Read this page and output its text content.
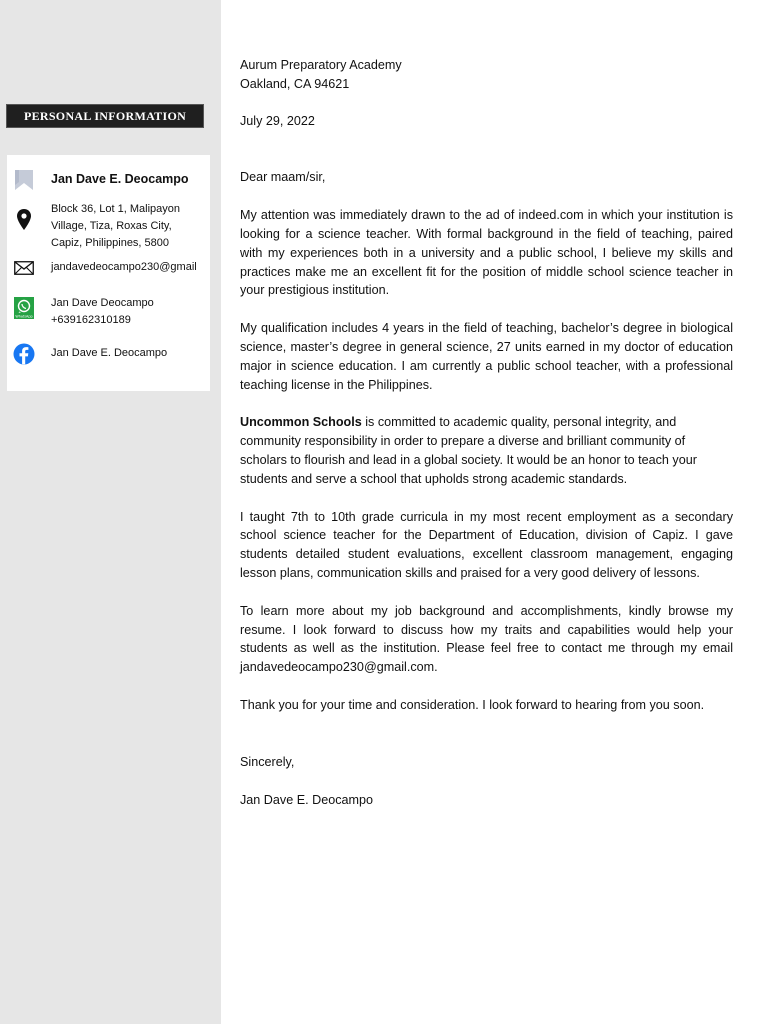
PERSONAL INFORMATION
Jan Dave E. Deocampo
Block 36, Lot 1, Malipayon
Village, Tiza, Roxas City,
Capiz, Philippines, 5800
jandavedeocampo230@gmail
WhatsApp
Jan Dave Deocampo
+639162310189
Jan Dave E. Deocampo

Aurum Preparatory Academy

Oakland, CA 94621

July 29, 2022

Dear maam/sir,

My attention was immediately drawn to the ad of indeed.com in which your institution is looking for a science teacher. With formal background in the field of teaching, paired with my experiences both in a university and a public school, I believe my skills and practices make me an excellent fit for the position of middle school science teacher in your prestigious institution.

My qualification includes 4 years in the field of teaching, bachelor’s degree in biological science, master’s degree in general science, 27 units earned in my doctor of education major in science education. I am currently a public school teacher, with a professional teaching license in the Philippines.

Uncommon Schools is committed to academic quality, personal integrity, and community responsibility in order to prepare a diverse and brilliant community of scholars to flourish and lead in a global society. It would be an honor to teach your students and serve a school that upholds strong academic standards.

I taught 7th to 10th grade curricula in my most recent employment as a secondary school science teacher for the Department of Education, division of Capiz. I gave students detailed student evaluations, excellent classroom management, engaging lesson plans, communication skills and praised for a very good delivery of lessons.

To learn more about my job background and accomplishments, kindly browse my resume. I look forward to discuss how my traits and capabilities would help your students as well as the institution. Please feel free to contact me through my email jandavedeocampo230@gmail.com.

Thank you for your time and consideration. I look forward to hearing from you soon.

Sincerely,

Jan Dave E. Deocampo
